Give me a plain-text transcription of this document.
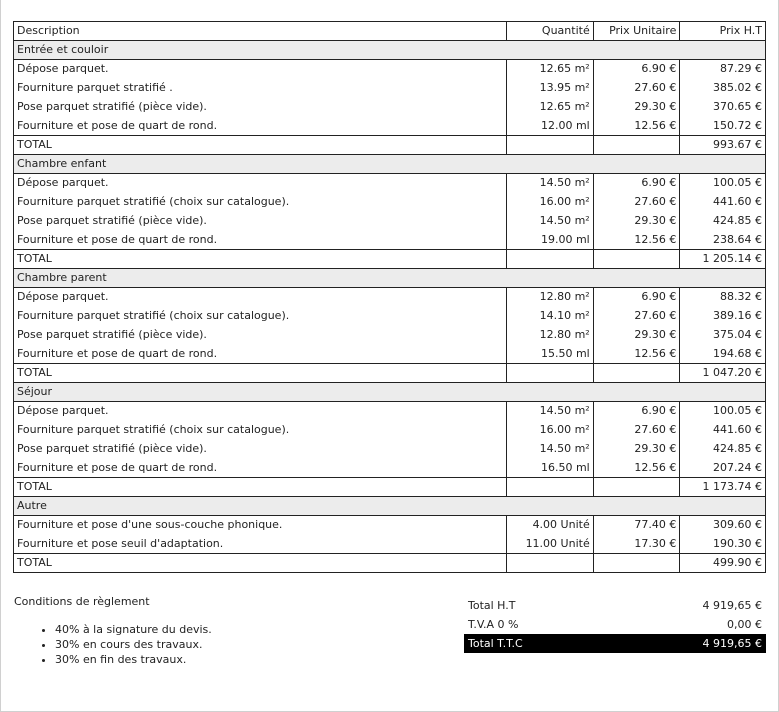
Description	Quantité	Prix Unitaire	Prix H.T
Entrée et couloir			
Dépose parquet.	12.65 m²	6.90 €	87.29 €
Fourniture parquet stratifié .	13.95 m²	27.60 €	385.02 €
Pose parquet stratifié (pièce vide).	12.65 m²	29.30 €	370.65 €
Fourniture et pose de quart de rond.	12.00 ml	12.56 €	150.72 €
TOTAL			993.67 €
Chambre enfant			
Dépose parquet.	14.50 m²	6.90 €	100.05 €
Fourniture parquet stratifié (choix sur catalogue).	16.00 m²	27.60 €	441.60 €
Pose parquet stratifié (pièce vide).	14.50 m²	29.30 €	424.85 €
Fourniture et pose de quart de rond.	19.00 ml	12.56 €	238.64 €
TOTAL			1 205.14 €
Chambre parent			
Dépose parquet.	12.80 m²	6.90 €	88.32 €
Fourniture parquet stratifié (choix sur catalogue).	14.10 m²	27.60 €	389.16 €
Pose parquet stratifié (pièce vide).	12.80 m²	29.30 €	375.04 €
Fourniture et pose de quart de rond.	15.50 ml	12.56 €	194.68 €
TOTAL			1 047.20 €
Séjour			
Dépose parquet.	14.50 m²	6.90 €	100.05 €
Fourniture parquet stratifié (choix sur catalogue).	16.00 m²	27.60 €	441.60 €
Pose parquet stratifié (pièce vide).	14.50 m²	29.30 €	424.85 €
Fourniture et pose de quart de rond.	16.50 ml	12.56 €	207.24 €
TOTAL			1 173.74 €
Autre			
Fourniture et pose d'une sous-couche phonique.	4.00 Unité	77.40 €	309.60 €
Fourniture et pose seuil d'adaptation.	11.00 Unité	17.30 €	190.30 €
TOTAL			499.90 €
Conditions de règlement
• 40% à la signature du devis.
• 30% en cours des travaux.
• 30% en fin des travaux.
Total H.T	4 919,65 €
T.V.A 0 %	0,00 €
Total T.T.C	4 919,65 €
